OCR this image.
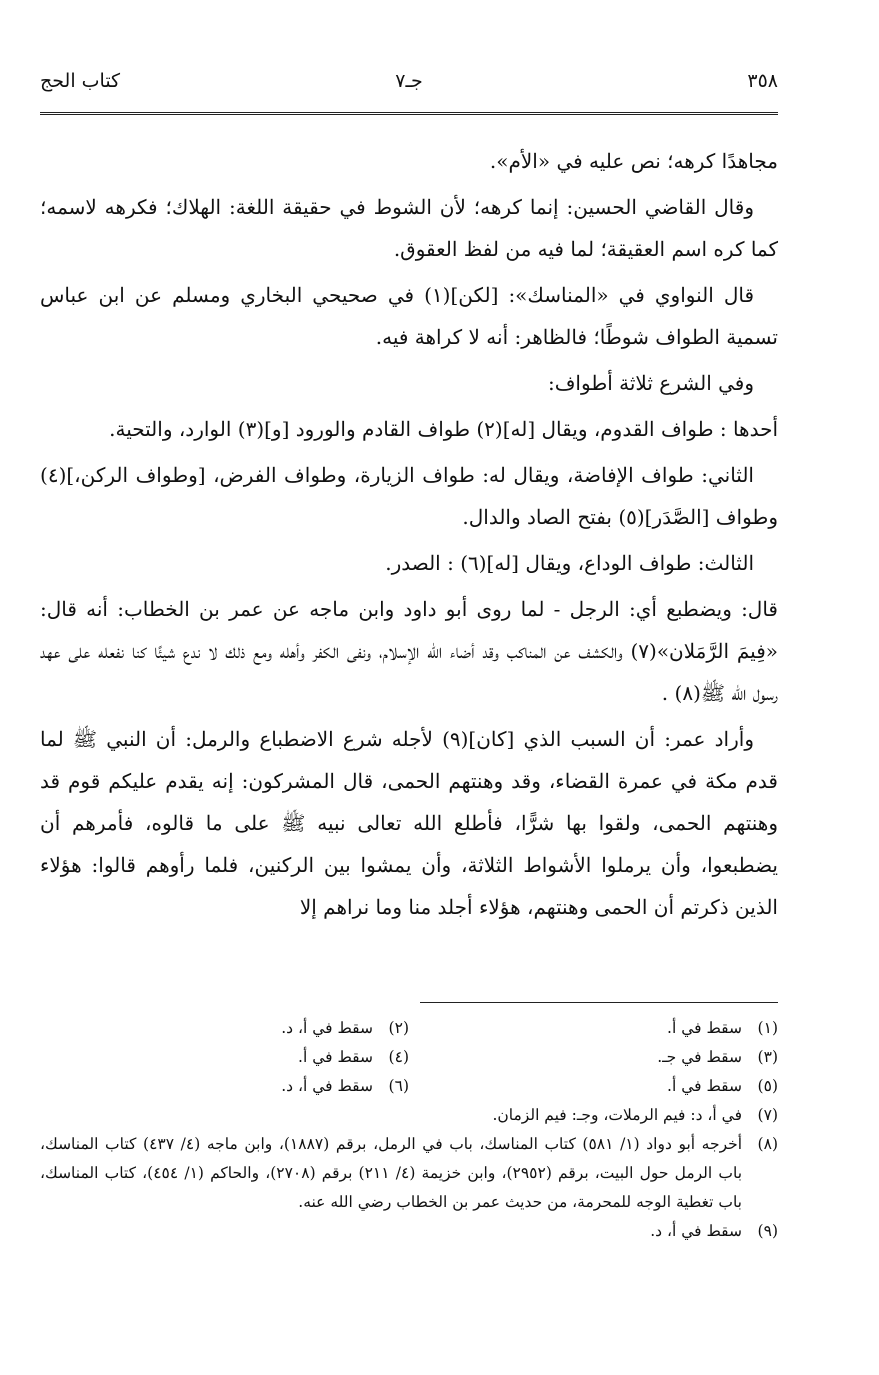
٣٥٨
جـ٧
كتاب الحج

مجاهدًا كرهه؛ نص عليه في «الأم».

وقال القاضي الحسين: إنما كرهه؛ لأن الشوط في حقيقة اللغة: الهلاك؛ فكرهه لاسمه؛ كما كره اسم العقيقة؛ لما فيه من لفظ العقوق.

قال النواوي في «المناسك»: [لكن](١) في صحيحي البخاري ومسلم عن ابن عباس تسمية الطواف شوطًا؛ فالظاهر: أنه لا كراهة فيه.

وفي الشرع ثلاثة أطواف:

أحدها : طواف القدوم، ويقال [له](٢) طواف القادم والورود [و](٣) الوارد، والتحية.

الثاني: طواف الإفاضة، ويقال له: طواف الزيارة، وطواف الفرض، [وطواف الركن،](٤) وطواف [الصَّدَر](٥) بفتح الصاد والدال.

الثالث: طواف الوداع، ويقال [له](٦) : الصدر.

قال: ويضطبع أي: الرجل - لما روى أبو داود وابن ماجه عن عمر بن الخطاب: أنه قال: «فِيمَ الرَّمَلان»(٧) والكشف عن المناكب وقد أضاء الله الإسلام، ونفى الكفر وأهله ومع ذلك لا ندع شيئًا كنا نفعله على عهد رسول الله ﷺ(٨) .

وأراد عمر: أن السبب الذي [كان](٩) لأجله شرع الاضطباع والرمل: أن النبي ﷺ لما قدم مكة في عمرة القضاء، وقد وهنتهم الحمى، قال المشركون: إنه يقدم عليكم قوم قد وهنتهم الحمى، ولقوا بها شرًّا، فأطلع الله تعالى نبيه ﷺ على ما قالوه، فأمرهم أن يضطبعوا، وأن يرملوا الأشواط الثلاثة، وأن يمشوا بين الركنين، فلما رأوهم قالوا: هؤلاء الذين ذكرتم أن الحمى وهنتهم، هؤلاء أجلد منا وما نراهم إلا

(١)
سقط في أ.
(٢)
سقط في أ، د.
(٣)
سقط في جـ.
(٤)
سقط في أ.
(٥)
سقط في أ.
(٦)
سقط في أ، د.
(٧)
في أ، د: فيم الرملات، وجـ: فيم الزمان.
(٨)
أخرجه أبو دواد (١/ ٥٨١) كتاب المناسك، باب في الرمل، برقم (١٨٨٧)، وابن ماجه (٤/ ٤٣٧) كتاب المناسك، باب الرمل حول البيت، برقم (٢٩٥٢)، وابن خزيمة (٤/ ٢١١) برقم (٢٧٠٨)، والحاكم (١/ ٤٥٤)، كتاب المناسك، باب تغطية الوجه للمحرمة، من حديث عمر بن الخطاب رضي الله عنه.
(٩)
سقط في أ، د.
